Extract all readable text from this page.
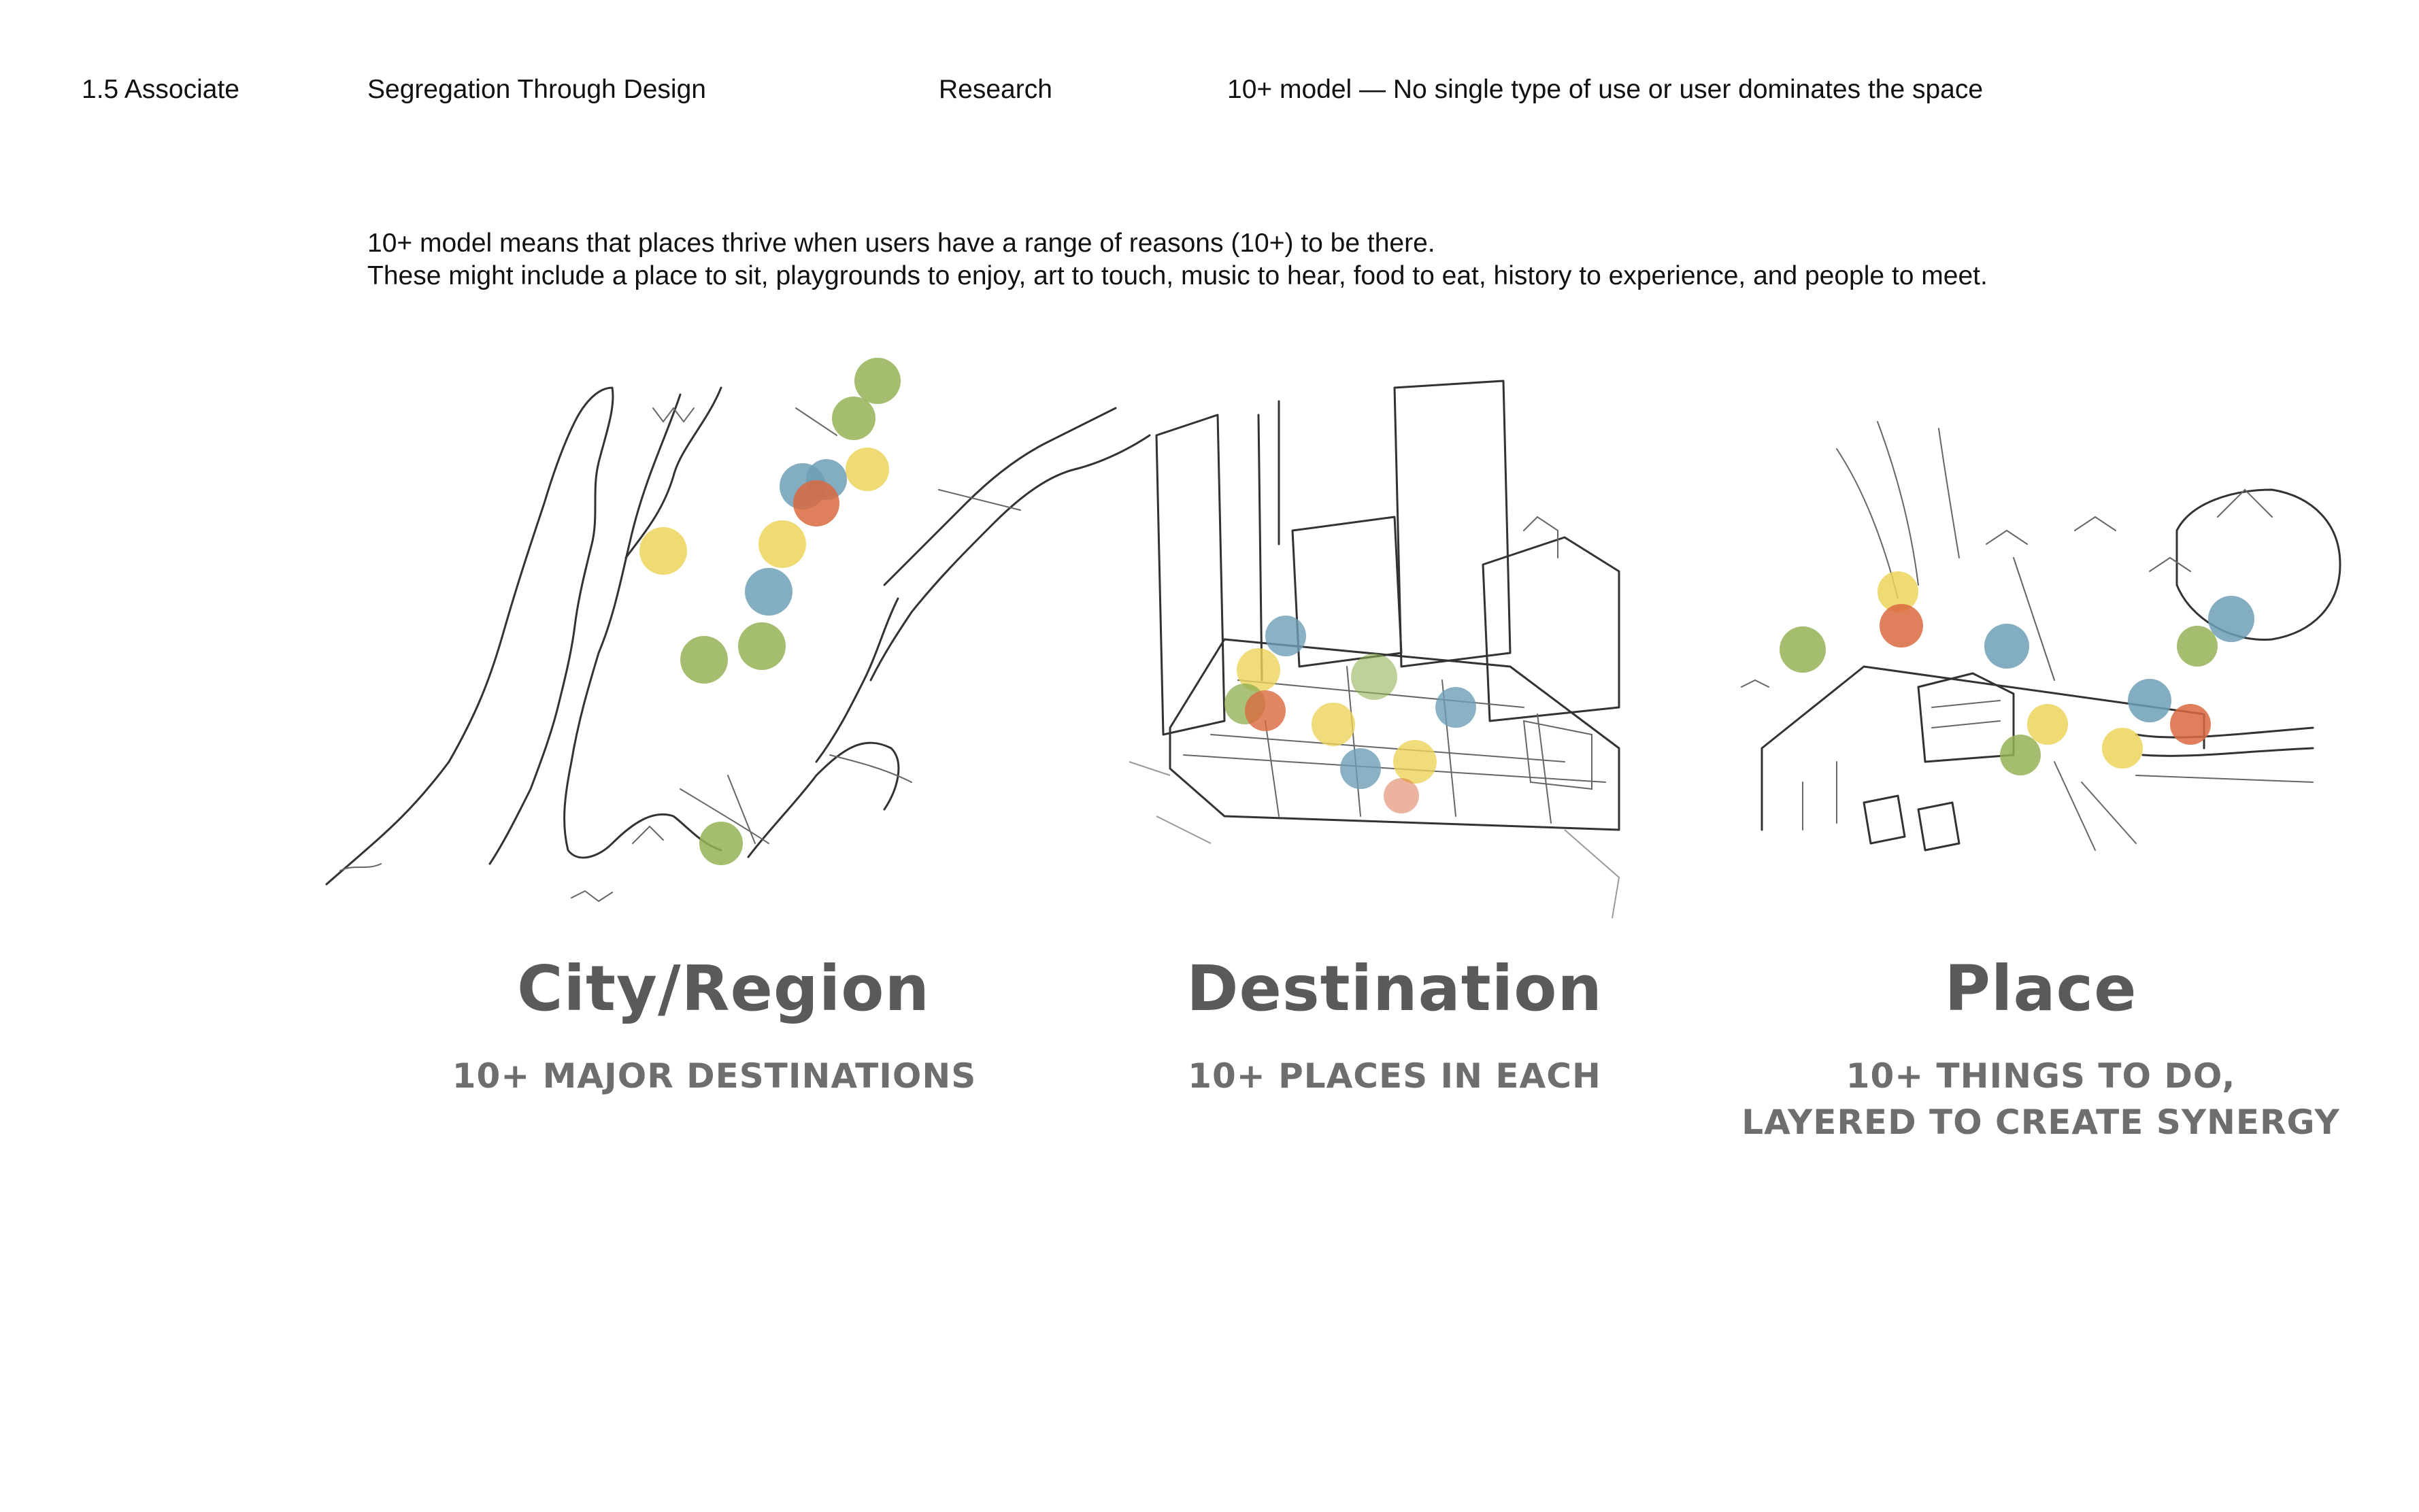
1.5 Associate	Segregation Through Design	Research	10+ model — No single type of use or user dominates the space
10+ model means that places thrive when users have a range of reasons (10+) to be there.
These might include a place to sit, playgrounds to enjoy, art to touch, music to hear, food to eat, history to experience, and people to meet.
City/Region
10+ MAJOR DESTINATIONS
Destination
10+ PLACES IN EACH
Place
10+ THINGS TO DO,
LAYERED TO CREATE SYNERGY
